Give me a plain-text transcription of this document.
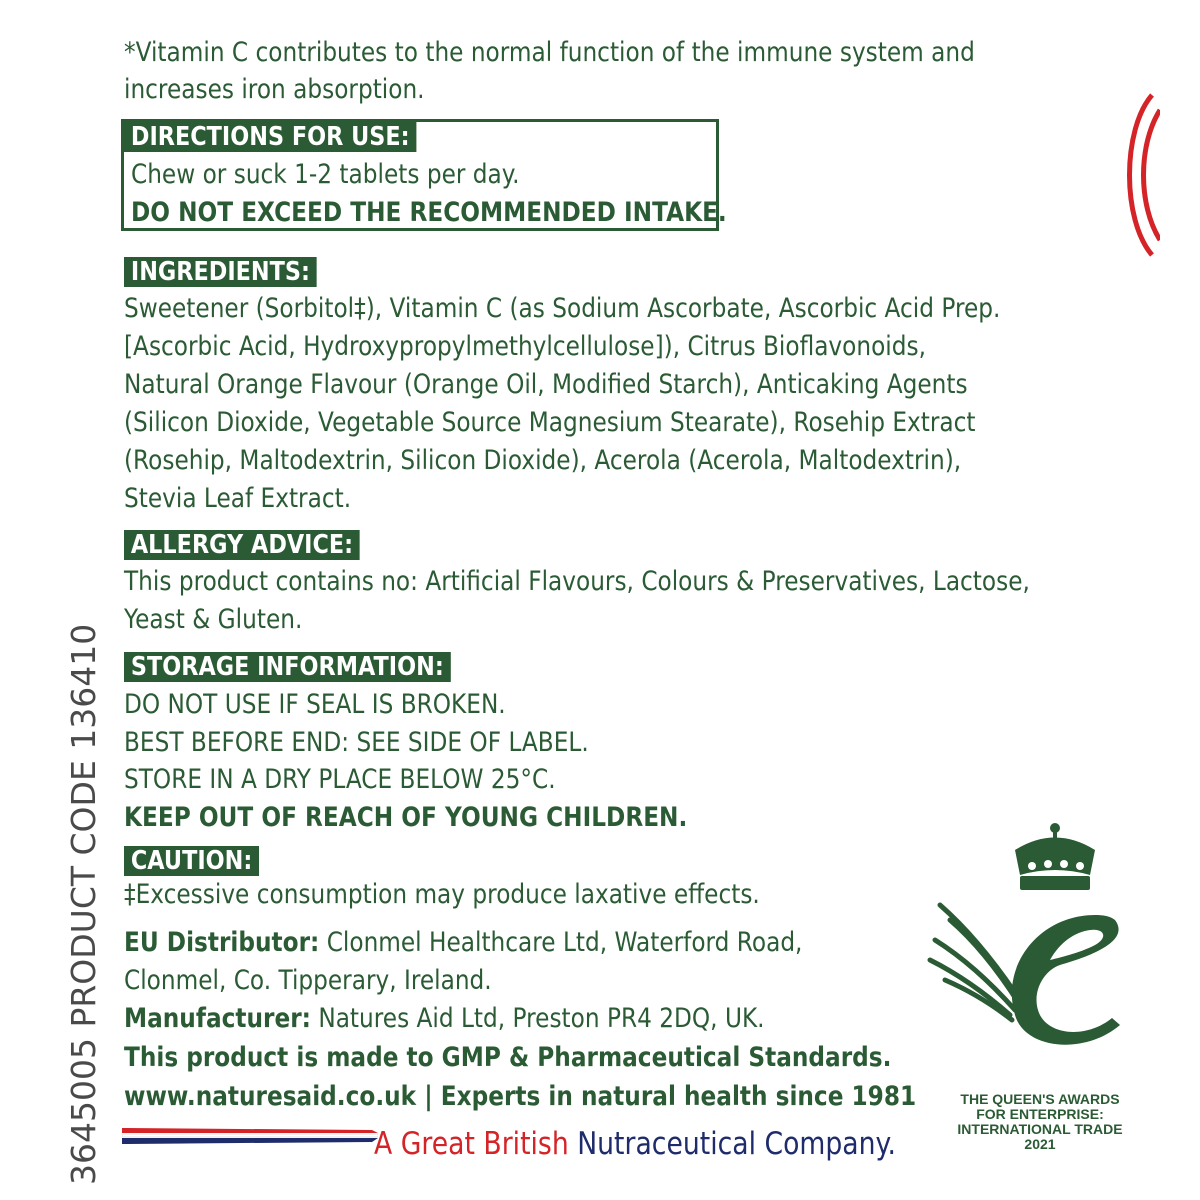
*Vitamin C contributes to the normal function of the immune system and
increases iron absorption.
DIRECTIONS FOR USE:
Chew or suck 1-2 tablets per day.
DO NOT EXCEED THE RECOMMENDED INTAKE.
INGREDIENTS:
Sweetener (Sorbitol‡), Vitamin C (as Sodium Ascorbate, Ascorbic Acid Prep.
[Ascorbic Acid, Hydroxypropylmethylcellulose]), Citrus Bioflavonoids,
Natural Orange Flavour (Orange Oil, Modified Starch), Anticaking Agents
(Silicon Dioxide, Vegetable Source Magnesium Stearate), Rosehip Extract
(Rosehip, Maltodextrin, Silicon Dioxide), Acerola (Acerola, Maltodextrin),
Stevia Leaf Extract.
ALLERGY ADVICE:
This product contains no: Artificial Flavours, Colours & Preservatives, Lactose,
Yeast & Gluten.
STORAGE INFORMATION:
DO NOT USE IF SEAL IS BROKEN.
BEST BEFORE END: SEE SIDE OF LABEL.
STORE IN A DRY PLACE BELOW 25°C.
KEEP OUT OF REACH OF YOUNG CHILDREN.
CAUTION:
‡Excessive consumption may produce laxative effects.
EU Distributor: Clonmel Healthcare Ltd, Waterford Road,
Clonmel, Co. Tipperary, Ireland.
Manufacturer: Natures Aid Ltd, Preston PR4 2DQ, UK.
This product is made to GMP & Pharmaceutical Standards.
www.naturesaid.co.uk | Experts in natural health since 1981
A Great British Nutraceutical Company.
3645005 PRODUCT CODE 136410	THE QUEEN'S AWARDS
FOR ENTERPRISE:
INTERNATIONAL TRADE
2021
